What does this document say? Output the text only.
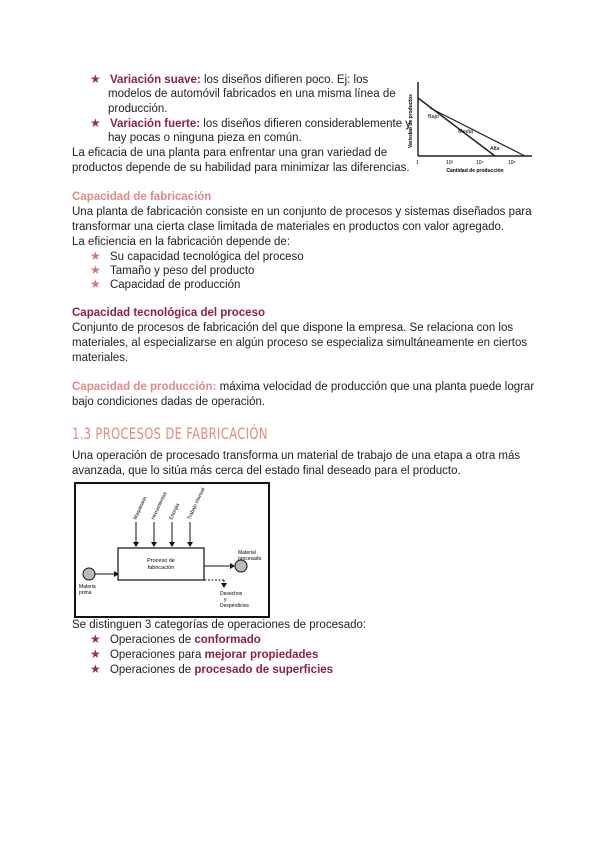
★ Variación suave: los diseños difieren poco. Ej: los
modelos de automóvil fabricados en una misma línea de
producción.
★ Variación fuerte: los diseños difieren considerablemente y
hay pocas o ninguna pieza en común.
La eficacia de una planta para enfrentar una gran variedad de
productos depende de su habilidad para minimizar las diferencias.
Bajo
Media
Alta
1	10²	10⁴	10⁶
Cantidad de producción
Variedad de productos
Capacidad de fabricación
Una planta de fabricación consiste en un conjunto de procesos y sistemas diseñados para
transformar una cierta clase limitada de materiales en productos con valor agregado.
La eficiencia en la fabricación depende de:
★ Su capacidad tecnológica del proceso
★ Tamaño y peso del producto
★ Capacidad de producción
Capacidad tecnológica del proceso
Conjunto de procesos de fabricación del que dispone la empresa. Se relaciona con los
materiales, al especializarse en algún proceso se especializa simultáneamente en ciertos
materiales.
Capacidad de producción: máxima velocidad de producción que una planta puede lograr
bajo condiciones dadas de operación.
1.3 PROCESOS DE FABRICACIÓN
Una operación de procesado transforma un material de trabajo de una etapa a otra más
avanzada, que lo sitúa más cerca del estado final deseado para el producto.
Maquinaria Herramientas Energía Trabajo manual
Proceso de
fabricación
Materia
prima
Material
procesado
Desechos
y
Desperdicios
Se distinguen 3 categorías de operaciones de procesado:
★ Operaciones de conformado
★ Operaciones para mejorar propiedades
★ Operaciones de procesado de superficies
